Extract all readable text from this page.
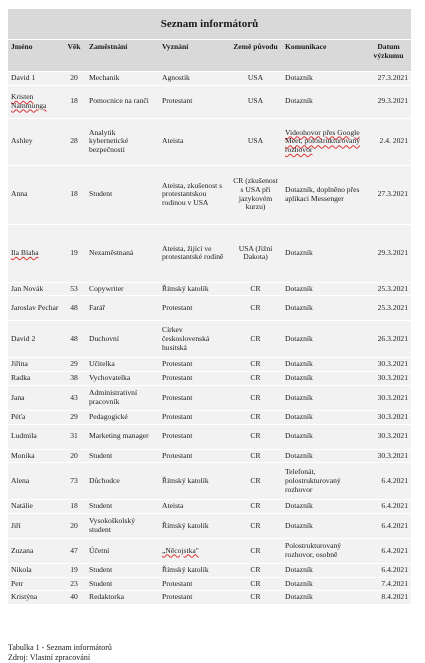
Seznam informátorů						
Jméno	Věk	Zaměstnání	Vyznání	Země původu	Komunikace	Datum výzkumu
David 1	20	Mechanik	Agnostik	USA	Dotazník	27.3.2021
Kristen Nammunga	18	Pomocnice na ranči	Protestant	USA	Dotazník	29.3.2021
Ashley	28	Analytik kybernetické bezpečnosti	Ateista	USA	Videohovor přes Google Meet, polostrukturovaný rozhovor	2.4. 2021
Anna	18	Student	Ateista, zkušenost s protestantskou rodinou v USA	CR (zkušenost s USA při jazykovém kurzu)	Dotazník, doplněno přes aplikaci Messenger	27.3.2021
Ila Blaha	19	Nezaměstnaná	Ateista, žijící ve protestantské rodině	USA (Jižní Dakota)	Dotazník	29.3.2021
Jan Novák	53	Copywriter	Římský katolík	CR	Dotazník	25.3.2021
Jaroslav Pechar	48	Farář	Protestant	CR	Dotazník	25.3.2021
David 2	48	Duchovní	Církev československá husitská	CR	Dotazník	26.3.2021
Jiřina	29	Učitelka	Protestant	CR	Dotazník	30.3.2021
Radka	38	Vychovatelka	Protestant	CR	Dotazník	30.3.2021
Jana	43	Administrativní pracovník	Protestant	CR	Dotazník	30.3.2021
Péťa	29	Pedagogické	Protestant	CR	Dotazník	30.3.2021
Ludmila	31	Marketing manager	Protestant	CR	Dotazník	30.3.2021
Monika	20	Student	Protestant	CR	Dotazník	30.3.2021
Alena	73	Důchodce	Římský katolík	CR	Telefonát, polostrukturovaný rozhovor	6.4.2021
Natálie	18	Student	Ateista	CR	Dotazník	6.4.2021
Jiří	20	Vysokoškolský student	Římský katolík	CR	Dotazník	6.4.2021
Zuzana	47	Účetní	„Něcojstka"	CR	Polostrukturovaný rozhovor, osobně	6.4.2021
Nikola	19	Student	Římský katolík	CR	Dotazník	6.4.2021
Petr	23	Student	Protestant	CR	Dotazník	7.4.2021
Kristýna	40	Redaktorka	Protestant	CR	Dotazník	8.4.2021
Tabulka 1 - Seznam informátorů
Zdroj: Vlastní zpracování
